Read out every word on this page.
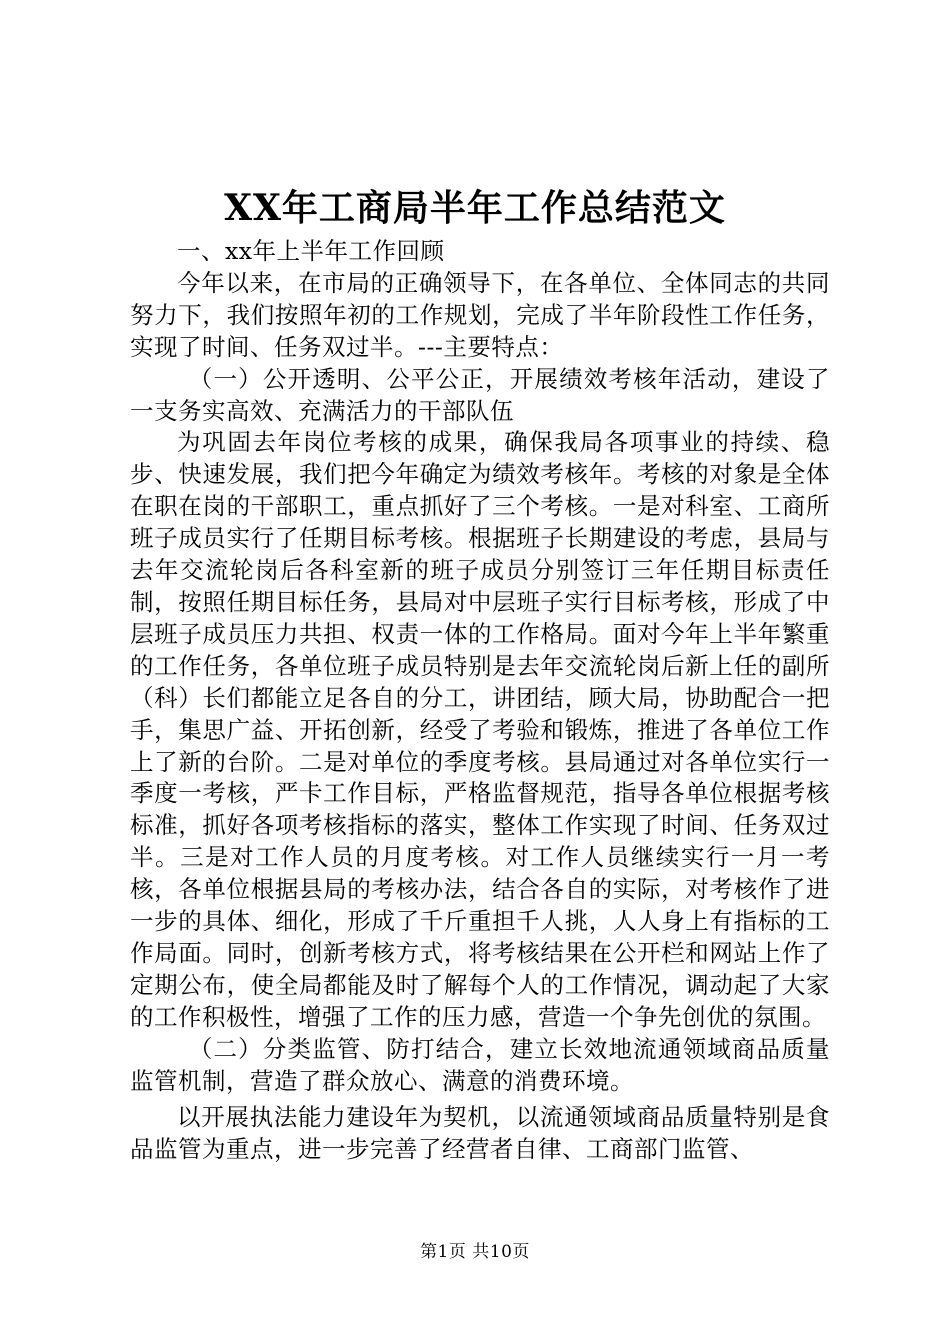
XX年工商局半年工作总结范文

一、xx年上半年工作回顾

今年以来，在市局的正确领导下，在各单位、全体同志的共同努力下，我们按照年初的工作规划，完成了半年阶段性工作任务，实现了时间、任务双过半。---主要特点：

（一）公开透明、公平公正，开展绩效考核年活动，建设了一支务实高效、充满活力的干部队伍

为巩固去年岗位考核的成果，确保我局各项事业的持续、稳步、快速发展，我们把今年确定为绩效考核年。考核的对象是全体在职在岗的干部职工，重点抓好了三个考核。一是对科室、工商所班子成员实行了任期目标考核。根据班子长期建设的考虑，县局与去年交流轮岗后各科室新的班子成员分别签订三年任期目标责任制，按照任期目标任务，县局对中层班子实行目标考核，形成了中层班子成员压力共担、权责一体的工作格局。面对今年上半年繁重的工作任务，各单位班子成员特别是去年交流轮岗后新上任的副所（科）长们都能立足各自的分工，讲团结，顾大局，协助配合一把手，集思广益、开拓创新，经受了考验和锻炼，推进了各单位工作上了新的台阶。二是对单位的季度考核。县局通过对各单位实行一季度一考核，严卡工作目标，严格监督规范，指导各单位根据考核标准，抓好各项考核指标的落实，整体工作实现了时间、任务双过半。三是对工作人员的月度考核。对工作人员继续实行一月一考核，各单位根据县局的考核办法，结合各自的实际，对考核作了进一步的具体、细化，形成了千斤重担千人挑，人人身上有指标的工作局面。同时，创新考核方式，将考核结果在公开栏和网站上作了定期公布，使全局都能及时了解每个人的工作情况，调动起了大家的工作积极性，增强了工作的压力感，营造一个争先创优的氛围。

（二）分类监管、防打结合，建立长效地流通领域商品质量监管机制，营造了群众放心、满意的消费环境。

以开展执法能力建设年为契机，以流通领域商品质量特别是食品监管为重点，进一步完善了经营者自律、工商部门监管、

第1页 共10页
